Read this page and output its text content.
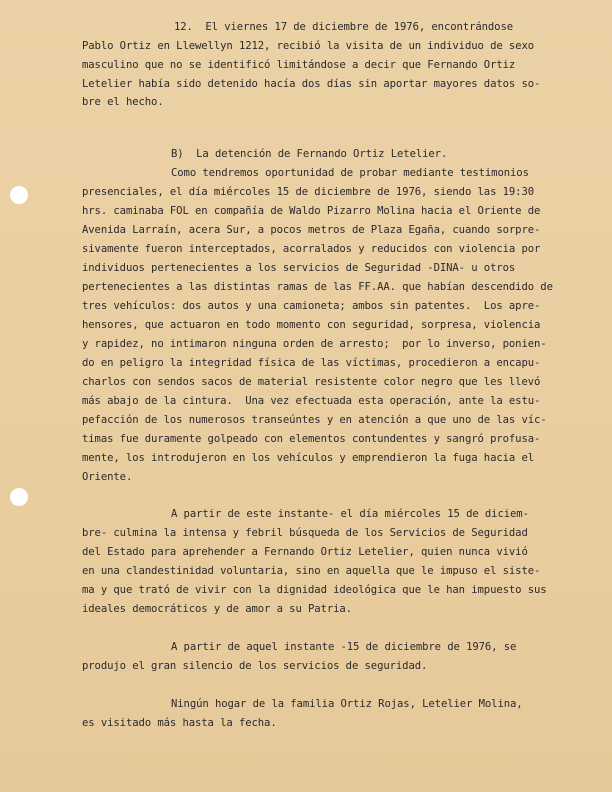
12.  El viernes 17 de diciembre de 1976, encontrándose
Pablo Ortiz en Llewellyn 1212, recibió la visita de un individuo de sexo
masculino que no se identificó limitándose a decir que Fernando Ortiz
Letelier había sido detenido hacía dos días sin aportar mayores datos so-
bre el hecho.
B)  La detención de Fernando Ortiz Letelier.
Como tendremos oportunidad de probar mediante testimonios
presenciales, el día miércoles 15 de diciembre de 1976, siendo las 19:30
hrs. caminaba FOL en compañía de Waldo Pizarro Molina hacia el Oriente de
Avenida Larraín, acera Sur, a pocos metros de Plaza Egaña, cuando sorpre-
sivamente fueron interceptados, acorralados y reducidos con violencia por
individuos pertenecientes a los servicios de Seguridad -DINA- u otros
pertenecientes a las distintas ramas de las FF.AA. que habían descendido de
tres vehículos: dos autos y una camioneta; ambos sin patentes.  Los apre-
hensores, que actuaron en todo momento con seguridad, sorpresa, violencia
y rapidez, no intimaron ninguna orden de arresto;  por lo inverso, ponien-
do en peligro la integridad física de las víctimas, procedieron a encapu-
charlos con sendos sacos de material resistente color negro que les llevó
más abajo de la cintura.  Una vez efectuada esta operación, ante la estu-
pefacción de los numerosos transeúntes y en atención a que uno de las víc-
timas fue duramente golpeado con elementos contundentes y sangró profusa-
mente, los introdujeron en los vehículos y emprendieron la fuga hacia el
Oriente.
A partir de este instante- el día miércoles 15 de diciem-
bre- culmina la intensa y febril búsqueda de los Servicios de Seguridad
del Estado para aprehender a Fernando Ortiz Letelier, quien nunca vivió
en una clandestinidad voluntaria, sino en aquella que le impuso el siste-
ma y que trató de vivir con la dignidad ideológica que le han impuesto sus
ideales democráticos y de amor a su Patria.
A partir de aquel instante -15 de diciembre de 1976, se
produjo el gran silencio de los servicios de seguridad.
Ningún hogar de la familia Ortiz Rojas, Letelier Molina,
es visitado más hasta la fecha.
